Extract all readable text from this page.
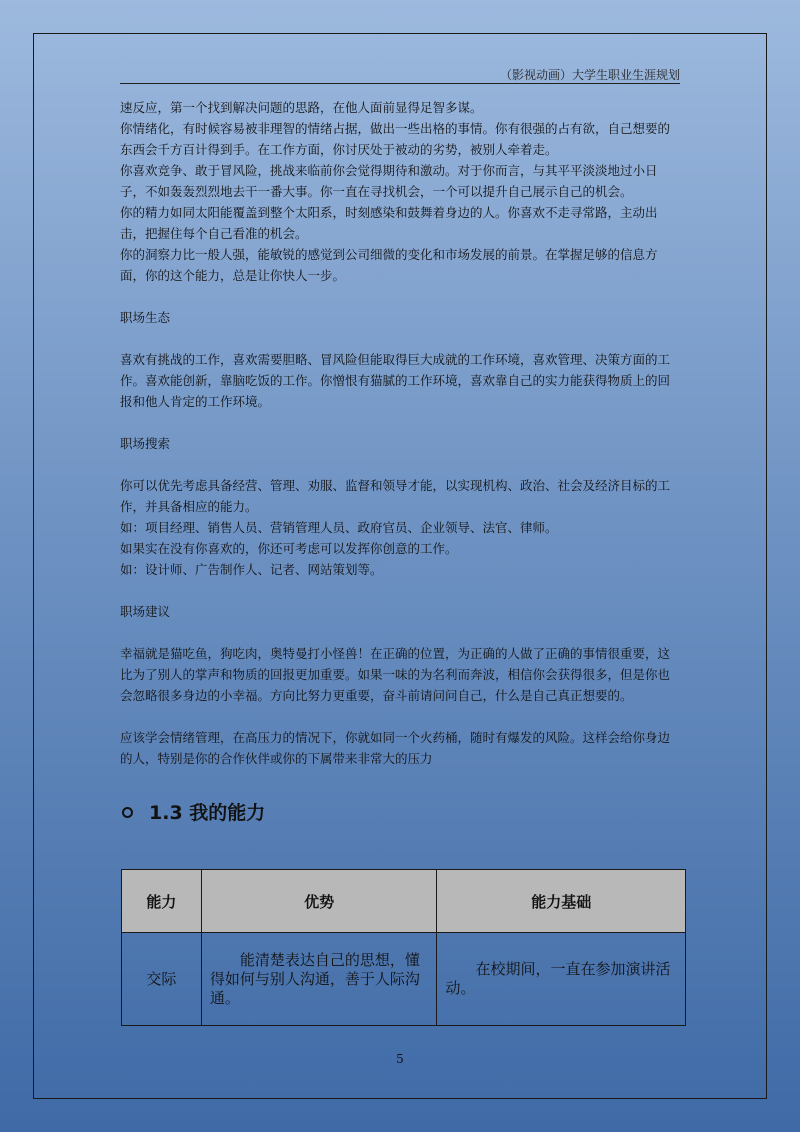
（影视动画）大学生职业生涯规划

速反应，第一个找到解决问题的思路，在他人面前显得足智多谋。

你情绪化，有时候容易被非理智的情绪占据，做出一些出格的事情。你有很强的占有欲，自己想要的东西会千方百计得到手。在工作方面，你讨厌处于被动的劣势，被别人牵着走。

你喜欢竞争、敢于冒风险，挑战来临前你会觉得期待和激动。对于你而言，与其平平淡淡地过小日子，不如轰轰烈烈地去干一番大事。你一直在寻找机会，一个可以提升自己展示自己的机会。

你的精力如同太阳能覆盖到整个太阳系，时刻感染和鼓舞着身边的人。你喜欢不走寻常路，主动出击，把握住每个自己看准的机会。

你的洞察力比一般人强，能敏锐的感觉到公司细微的变化和市场发展的前景。在掌握足够的信息方面，你的这个能力，总是让你快人一步。

职场生态

喜欢有挑战的工作，喜欢需要胆略、冒风险但能取得巨大成就的工作环境，喜欢管理、决策方面的工作。喜欢能创新，靠脑吃饭的工作。你憎恨有猫腻的工作环境，喜欢靠自己的实力能获得物质上的回报和他人肯定的工作环境。

职场搜索

你可以优先考虑具备经营、管理、劝服、监督和领导才能，以实现机构、政治、社会及经济目标的工作，并具备相应的能力。

如：项目经理、销售人员、营销管理人员、政府官员、企业领导、法官、律师。

如果实在没有你喜欢的，你还可考虑可以发挥你创意的工作。

如：设计师、广告制作人、记者、网站策划等。

职场建议

幸福就是猫吃鱼，狗吃肉，奥特曼打小怪兽！在正确的位置，为正确的人做了正确的事情很重要，这比为了别人的掌声和物质的回报更加重要。如果一味的为名利而奔波，相信你会获得很多，但是你也会忽略很多身边的小幸福。方向比努力更重要，奋斗前请问问自己，什么是自己真正想要的。

应该学会情绪管理，在高压力的情况下，你就如同一个火药桶，随时有爆发的风险。这样会给你身边的人，特别是你的合作伙伴或你的下属带来非常大的压力

1.3 我的能力
能力	优势	能力基础
交际	能清楚表达自己的思想，懂得如何与别人沟通，善于人际沟通。	在校期间，一直在参加演讲活动。
5
